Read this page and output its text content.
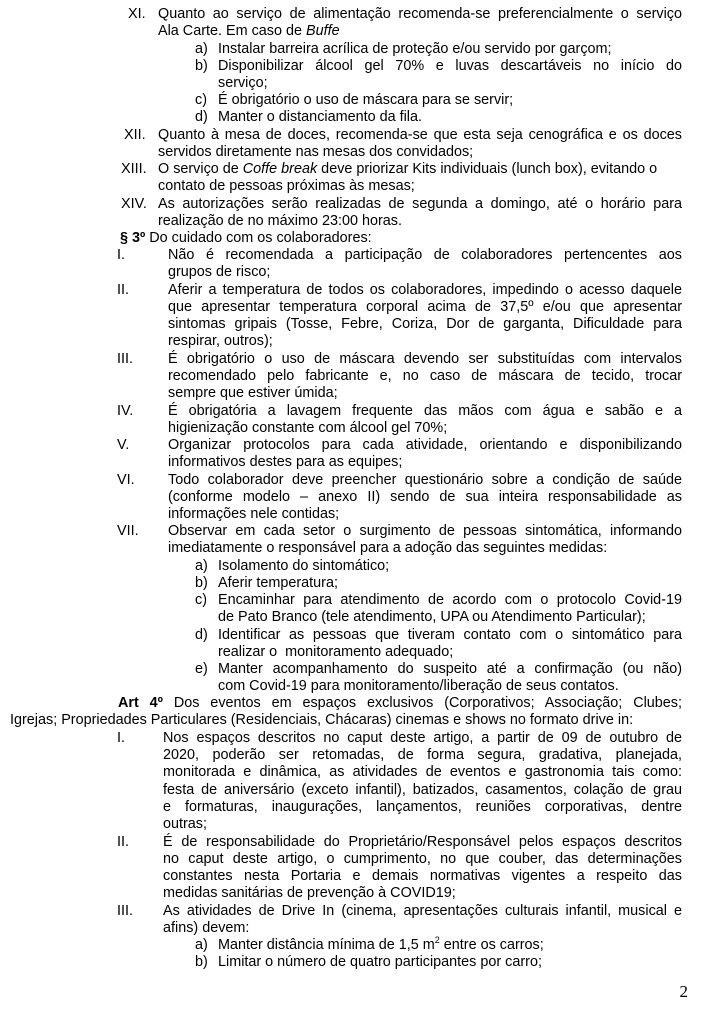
XI. Quanto ao serviço de alimentação recomenda-se preferencialmente o serviço
Ala Carte. Em caso de Buffe
a) Instalar barreira acrílica de proteção e/ou servido por garçom;
b) Disponibilizar álcool gel 70% e luvas descartáveis no início do
serviço;
c) É obrigatório o uso de máscara para se servir;
d) Manter o distanciamento da fila.
XII. Quanto à mesa de doces, recomenda-se que esta seja cenográfica e os doces
servidos diretamente nas mesas dos convidados;
XIII. O serviço de Coffe break deve priorizar Kits individuais (lunch box), evitando o
contato de pessoas próximas às mesas;
XIV. As autorizações serão realizadas de segunda a domingo, até o horário para
realização de no máximo 23:00 horas.
§ 3º Do cuidado com os colaboradores:
I.	Não é recomendada a participação de colaboradores pertencentes aos
grupos de risco;
II.	Aferir a temperatura de todos os colaboradores, impedindo o acesso daquele
que apresentar temperatura corporal acima de 37,5º e/ou que apresentar
sintomas gripais (Tosse, Febre, Coriza, Dor de garganta, Dificuldade para
respirar, outros);
III. É obrigatório o uso de máscara devendo ser substituídas com intervalos
recomendado pelo fabricante e, no caso de máscara de tecido, trocar
sempre que estiver úmida;
IV. É obrigatória a lavagem frequente das mãos com água e sabão e a
higienização constante com álcool gel 70%;
V.	Organizar protocolos para cada atividade, orientando e disponibilizando
informativos destes para as equipes;
VI. Todo colaborador deve preencher questionário sobre a condição de saúde
(conforme modelo – anexo II) sendo de sua inteira responsabilidade as
informações nele contidas;
VII. Observar em cada setor o surgimento de pessoas sintomática, informando
imediatamente o responsável para a adoção das seguintes medidas:
a) Isolamento do sintomático;
b) Aferir temperatura;
c) Encaminhar para atendimento de acordo com o protocolo Covid-19
de Pato Branco (tele atendimento, UPA ou Atendimento Particular);
d) Identificar as pessoas que tiveram contato com o sintomático para
realizar o  monitoramento adequado;
e) Manter acompanhamento do suspeito até a confirmação (ou não)
com Covid-19 para monitoramento/liberação de seus contatos.
Art 4º Dos eventos em espaços exclusivos (Corporativos; Associação; Clubes;
Igrejas; Propriedades Particulares (Residenciais, Chácaras) cinemas e shows no formato drive in:
I.	Nos espaços descritos no caput deste artigo, a partir de 09 de outubro de
2020, poderão ser retomadas, de forma segura, gradativa, planejada,
monitorada e dinâmica, as atividades de eventos e gastronomia tais como:
festa de aniversário (exceto infantil), batizados, casamentos, colação de grau
e formaturas, inaugurações, lançamentos, reuniões corporativas, dentre
outras;
II. É de responsabilidade do Proprietário/Responsável pelos espaços descritos
no caput deste artigo, o cumprimento, no que couber, das determinações
constantes nesta Portaria e demais normativas vigentes a respeito das
medidas sanitárias de prevenção à COVID19;
III. As atividades de Drive In (cinema, apresentações culturais infantil, musical e
afins) devem:
a) Manter distância mínima de 1,5 $m^2$ entre os carros;
b) Limitar o número de quatro participantes por carro;
2
